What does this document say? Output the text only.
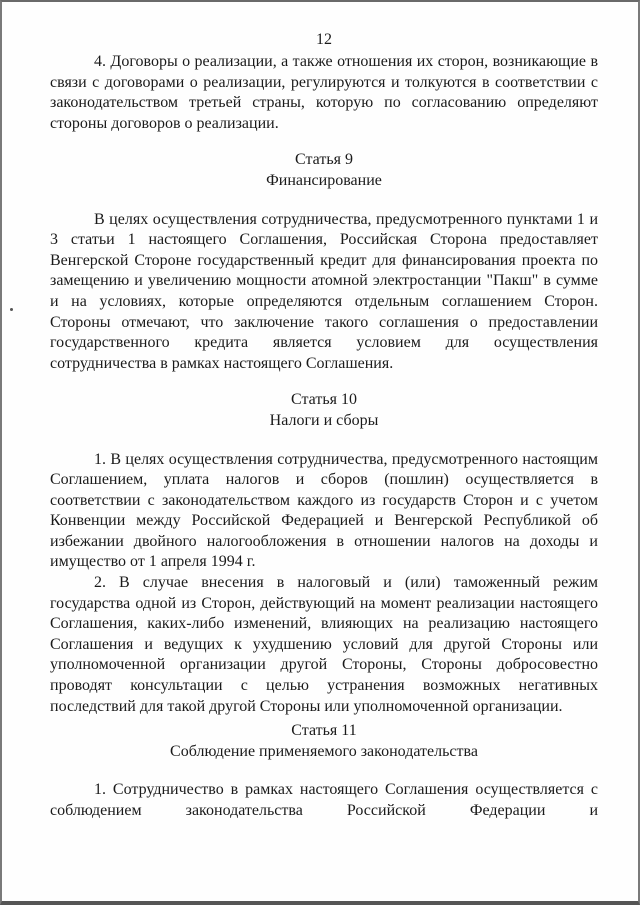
12

4. Договоры о реализации, а также отношения их сторон, возникающие в связи с договорами о реализации, регулируются и толкуются в соответствии с законодательством третьей страны, которую по согласованию определяют стороны договоров о реализации.

Статья 9
Финансирование

В целях осуществления сотрудничества, предусмотренного пунктами 1 и 3 статьи 1 настоящего Соглашения, Российская Сторона предоставляет Венгерской Стороне государственный кредит для финансирования проекта по замещению и увеличению мощности атомной электростанции "Пакш" в сумме и на условиях, которые определяются отдельным соглашением Сторон. Стороны отмечают, что заключение такого соглашения о предоставлении государственного кредита является условием для осуществления сотрудничества в рамках настоящего Соглашения.

Статья 10
Налоги и сборы

1. В целях осуществления сотрудничества, предусмотренного настоящим Соглашением, уплата налогов и сборов (пошлин) осуществляется в соответствии с законодательством каждого из государств Сторон и с учетом Конвенции между Российской Федерацией и Венгерской Республикой об избежании двойного налогообложения в отношении налогов на доходы и имущество от 1 апреля 1994 г.

2. В случае внесения в налоговый и (или) таможенный режим государства одной из Сторон, действующий на момент реализации настоящего Соглашения, каких-либо изменений, влияющих на реализацию настоящего Соглашения и ведущих к ухудшению условий для другой Стороны или уполномоченной организации другой Стороны, Стороны добросовестно проводят консультации с целью устранения возможных негативных последствий для такой другой Стороны или уполномоченной организации.

Статья 11
Соблюдение применяемого законодательства

1. Сотрудничество в рамках настоящего Соглашения осуществляется с соблюдением законодательства Российской Федерации и
